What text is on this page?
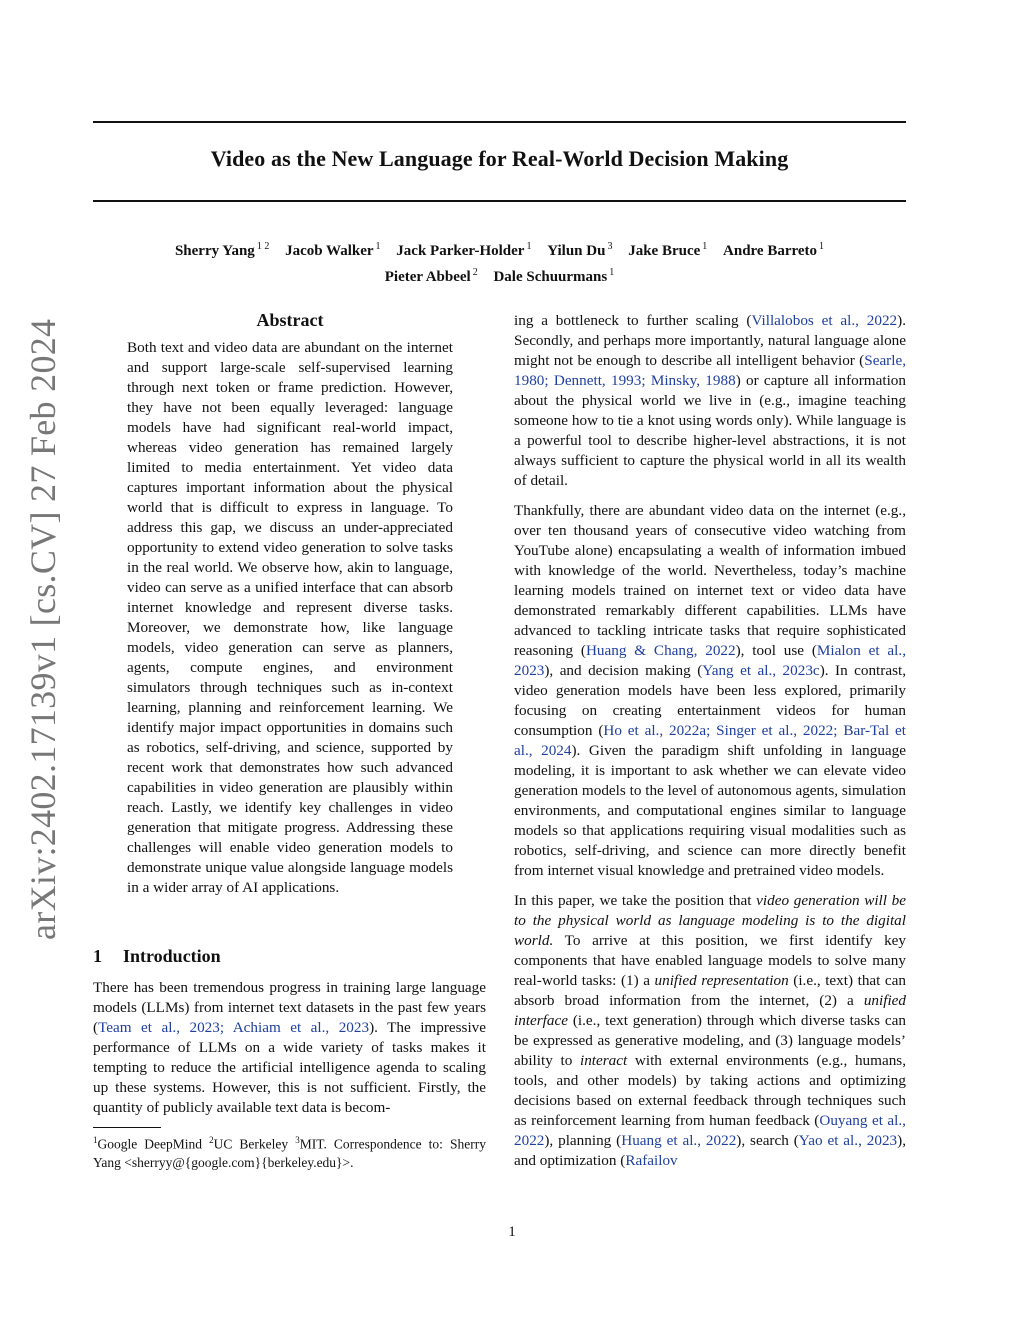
Video as the New Language for Real-World Decision Making
Sherry Yang $^{1 2}$ Jacob Walker $^1$ Jack Parker-Holder $^1$ Yilun Du $^3$ Jake Bruce $^1$ Andre Barreto $^1$
Pieter Abbeel $^2$ Dale Schuurmans $^1$
arXiv:2402.17139v1 [cs.CV] 27 Feb 2024	Abstract

Both text and video data are abundant on the internet and support large-scale self-supervised learning through next token or frame prediction. However, they have not been equally leveraged: language models have had significant real-world impact, whereas video generation has remained largely limited to media entertainment. Yet video data captures important information about the physical world that is difficult to express in language. To address this gap, we discuss an under-appreciated opportunity to extend video generation to solve tasks in the real world. We observe how, akin to language, video can serve as a unified interface that can absorb internet knowledge and represent diverse tasks. Moreover, we demonstrate how, like language models, video generation can serve as planners, agents, compute engines, and environment simulators through techniques such as in-context learning, planning and reinforcement learning. We identify major impact opportunities in domains such as robotics, self-driving, and science, supported by recent work that demonstrates how such advanced capabilities in video generation are plausibly within reach. Lastly, we identify key challenges in video generation that mitigate progress. Addressing these challenges will enable video generation models to demonstrate unique value alongside language models in a wider array of AI applications.

1 Introduction

There has been tremendous progress in training large language models (LLMs) from internet text datasets in the past few years (Team et al., 2023; Achiam et al., 2023). The impressive performance of LLMs on a wide variety of tasks makes it tempting to reduce the artificial intelligence agenda to scaling up these systems. However, this is not sufficient. Firstly, the quantity of publicly available text data is becom-

ing a bottleneck to further scaling (Villalobos et al., 2022). Secondly, and perhaps more importantly, natural language alone might not be enough to describe all intelligent behavior (Searle, 1980; Dennett, 1993; Minsky, 1988) or capture all information about the physical world we live in (e.g., imagine teaching someone how to tie a knot using words only). While language is a powerful tool to describe higher-level abstractions, it is not always sufficient to capture the physical world in all its wealth of detail.

Thankfully, there are abundant video data on the internet (e.g., over ten thousand years of consecutive video watching from YouTube alone) encapsulating a wealth of information imbued with knowledge of the world. Nevertheless, today’s machine learning models trained on internet text or video data have demonstrated remarkably different capabilities. LLMs have advanced to tackling intricate tasks that require sophisticated reasoning (Huang & Chang, 2022), tool use (Mialon et al., 2023), and decision making (Yang et al., 2023c). In contrast, video generation models have been less explored, primarily focusing on creating entertainment videos for human consumption (Ho et al., 2022a; Singer et al., 2022; Bar-Tal et al., 2024). Given the paradigm shift unfolding in language modeling, it is important to ask whether we can elevate video generation models to the level of autonomous agents, simulation environments, and computational engines similar to language models so that applications requiring visual modalities such as robotics, self-driving, and science can more directly benefit from internet visual knowledge and pretrained video models.

In this paper, we take the position that video generation will be to the physical world as language modeling is to the digital world. To arrive at this position, we first identify key components that have enabled language models to solve many real-world tasks: (1) a unified representation (i.e., text) that can absorb broad information from the internet, (2) a unified interface (i.e., text generation) through which diverse tasks can be expressed as generative modeling, and (3) language models’ ability to interact with external environments (e.g., humans, tools, and other models) by taking actions and optimizing decisions based on external feedback through techniques such as reinforcement learning from human feedback (Ouyang et al., 2022), planning (Huang et al., 2022), search (Yao et al., 2023), and optimization (Rafailov

$^1$Google DeepMind $^2$UC Berkeley $^3$MIT. Correspondence to: Sherry Yang <sherryy@{google.com}{berkeley.edu}>.
1
